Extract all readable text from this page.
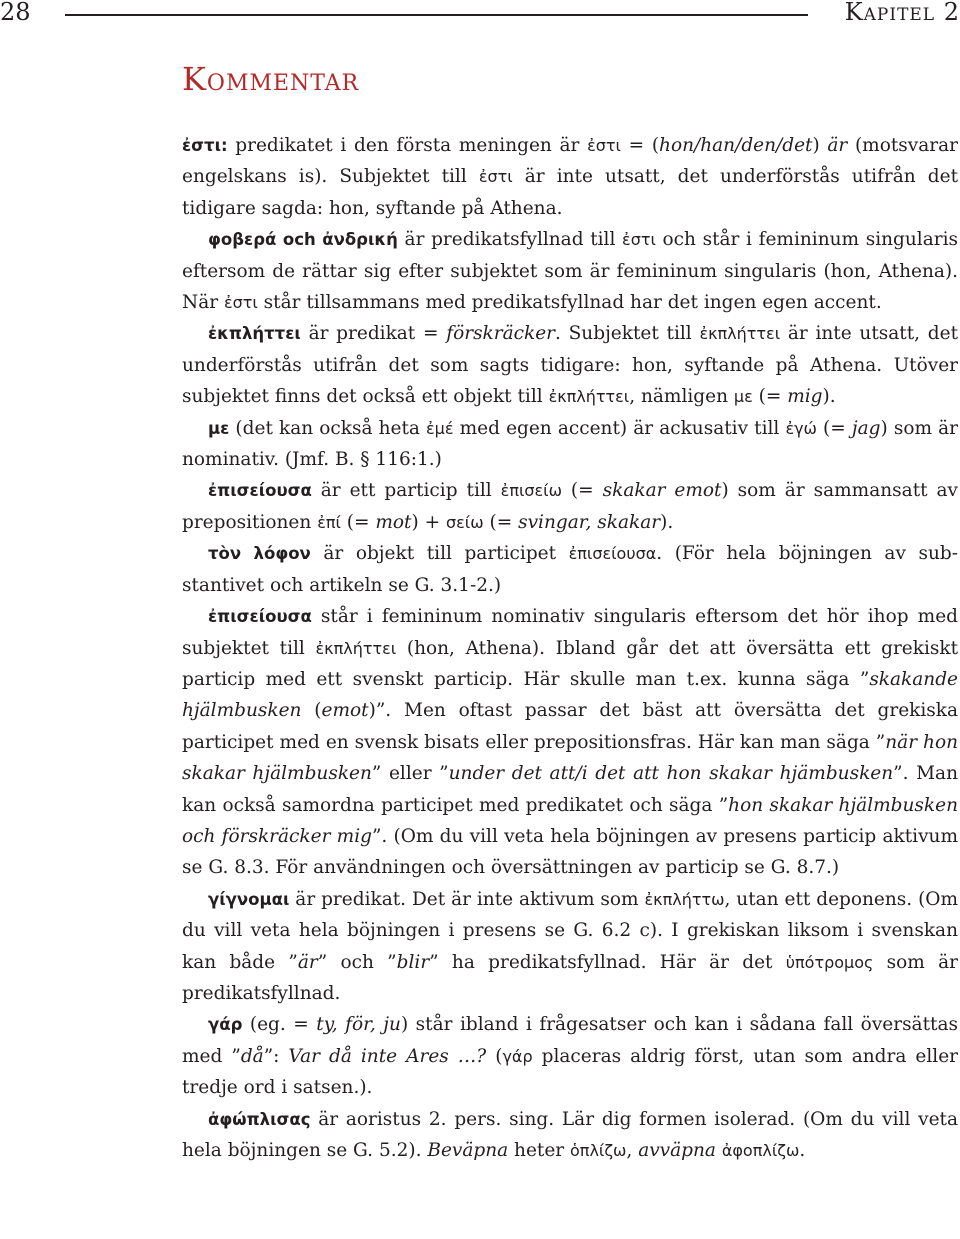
28	Kapitel 2
Kommentar

ἐστι: predikatet i den första meningen är ἐστι = (hon/han/den/det) är (motsvarar engelskans is). Subjektet till ἐστι är inte utsatt, det underförstås utifrån det tidigare sagda: hon, syftande på Athena.

φοβερά och ἀνδρική är predikatsfyllnad till ἐστι och står i femininum singularis eftersom de rättar sig efter subjektet som är femininum singularis (hon, Athena). När ἐστι står tillsammans med predikatsfyllnad har det ingen egen accent.

ἐκπλήττει är predikat = förskräcker. Subjektet till ἐκπλήττει är inte utsatt, det underförstås utifrån det som sagts tidigare: hon, syftande på Athena. Utöver subjektet finns det också ett objekt till ἐκπλήττει, nämligen με (= mig).

με (det kan också heta ἐμέ med egen accent) är ackusativ till ἐγώ (= jag) som är nominativ. (Jmf. B. § 116:1.)

ἐπισείουσα är ett particip till ἐπισείω (= skakar emot) som är sammansatt av prepositionen ἐπί (= mot) + σείω (= svingar, skakar).

τὸν λόφον är objekt till participet ἐπισείουσα. (För hela böjningen av substantivet och artikeln se G. 3.1-2.)

ἐπισείουσα står i femininum nominativ singularis eftersom det hör ihop med subjektet till ἐκπλήττει (hon, Athena). Ibland går det att översätta ett grekiskt particip med ett svenskt particip. Här skulle man t.ex. kunna säga ”skakande hjälmbusken (emot)”. Men oftast passar det bäst att översätta det grekiska participet med en svensk bisats eller prepositionsfras. Här kan man säga ”när hon skakar hjälmbusken” eller ”under det att/i det att hon skakar hjämbusken”. Man kan också samordna participet med predikatet och säga ”hon skakar hjälmbusken och förskräcker mig”. (Om du vill veta hela böjningen av presens particip aktivum se G. 8.3. För användningen och översättningen av particip se G. 8.7.)

γίγνομαι är predikat. Det är inte aktivum som ἐκπλήττω, utan ett deponens. (Om du vill veta hela böjningen i presens se G. 6.2 c). I grekiskan liksom i svenskan kan både ”är” och ”blir” ha predikatsfyllnad. Här är det ὑπότρομος som är predikatsfyllnad.

γάρ (eg. = ty, för, ju) står ibland i frågesatser och kan i sådana fall översättas med ”då”: Var då inte Ares …? (γάρ placeras aldrig först, utan som andra eller tredje ord i satsen.).

ἀφώπλισας är aoristus 2. pers. sing. Lär dig formen isolerad. (Om du vill veta hela böjningen se G. 5.2). Beväpna heter ὁπλίζω, avväpna ἀφοπλίζω.
